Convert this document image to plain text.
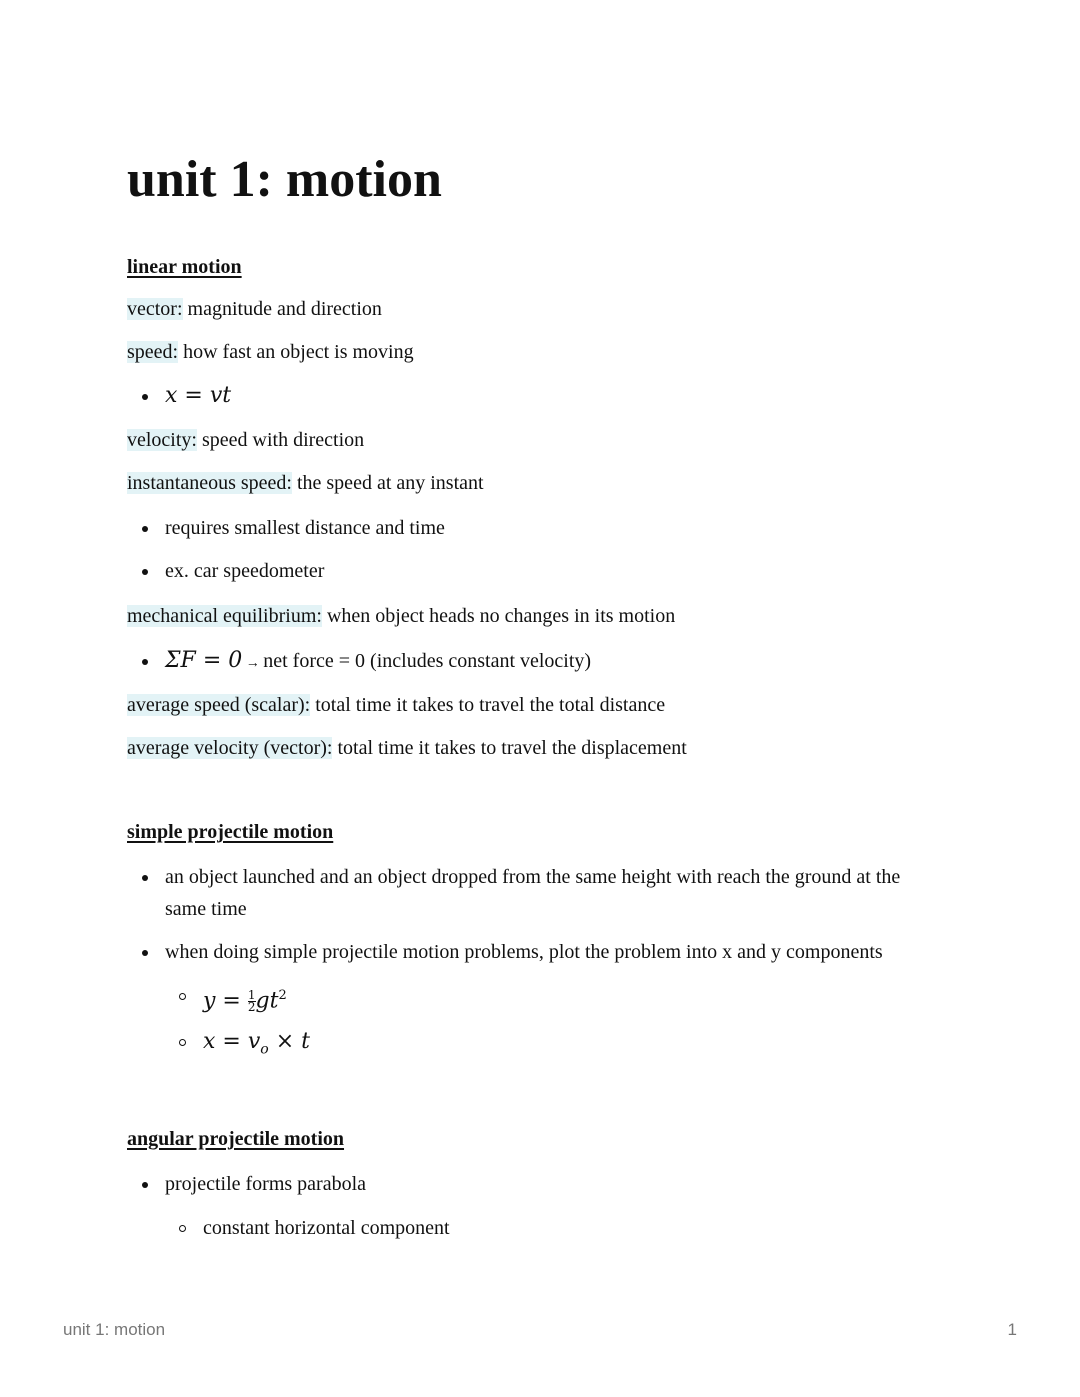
unit 1: motion
linear motion
vector: magnitude and direction
speed: how fast an object is moving
x = vt
velocity: speed with direction
instantaneous speed: the speed at any instant
requires smallest distance and time
ex. car speedometer
mechanical equilibrium: when object heads no changes in its motion
ΣF = 0 → net force = 0 (includes constant velocity)
average speed (scalar): total time it takes to travel the total distance
average velocity (vector): total time it takes to travel the displacement
simple projectile motion
an object launched and an object dropped from the same height with reach the ground at the
same time
when doing simple projectile motion problems, plot the problem into x and y components
$y = \frac{1}{2} gt^2$
$x = v_o \times t$
angular projectile motion
projectile forms parabola
constant horizontal component
unit 1: motion	1
